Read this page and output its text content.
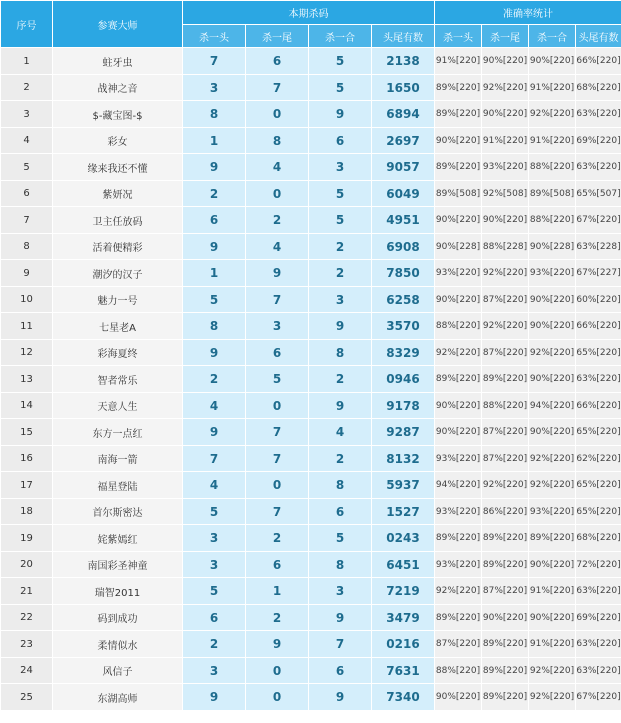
序号	参赛大师	本期杀码				准确率统计			
		杀一头	杀一尾	杀一合	头尾有数	杀一头	杀一尾	杀一合	头尾有数
1	蛀牙虫	7	6	5	2138	91%[220]	90%[220]	90%[220]	66%[220]
2	战神之音	3	7	5	1650	89%[220]	92%[220]	91%[220]	68%[220]
3	$-藏宝图-$	8	0	9	6894	89%[220]	90%[220]	92%[220]	63%[220]
4	彩女	1	8	6	2697	90%[220]	91%[220]	91%[220]	69%[220]
5	缘来我还不懂	9	4	3	9057	89%[220]	93%[220]	88%[220]	63%[220]
6	紫妍况	2	0	5	6049	89%[508]	92%[508]	89%[508]	65%[507]
7	卫主任放码	6	2	5	4951	90%[220]	90%[220]	88%[220]	67%[220]
8	活着便精彩	9	4	2	6908	90%[228]	88%[228]	90%[228]	63%[228]
9	潮汐的汉子	1	9	2	7850	93%[220]	92%[220]	93%[220]	67%[227]
10	魅力一号	5	7	3	6258	90%[220]	87%[220]	90%[220]	60%[220]
11	七星老A	8	3	9	3570	88%[220]	92%[220]	90%[220]	66%[220]
12	彩海夏终	9	6	8	8329	92%[220]	87%[220]	92%[220]	65%[220]
13	智者常乐	2	5	2	0946	89%[220]	89%[220]	90%[220]	63%[220]
14	天意人生	4	0	9	9178	90%[220]	88%[220]	94%[220]	66%[220]
15	东方一点红	9	7	4	9287	90%[220]	87%[220]	90%[220]	65%[220]
16	南海一箭	7	7	2	8132	93%[220]	87%[220]	92%[220]	62%[220]
17	福星登陆	4	0	8	5937	94%[220]	92%[220]	92%[220]	65%[220]
18	首尔斯密达	5	7	6	1527	93%[220]	86%[220]	93%[220]	65%[220]
19	姹紫嫣红	3	2	5	0243	89%[220]	89%[220]	89%[220]	68%[220]
20	南国彩圣神童	3	6	8	6451	93%[220]	89%[220]	90%[220]	72%[220]
21	瑞智2011	5	1	3	7219	92%[220]	87%[220]	91%[220]	63%[220]
22	码到成功	6	2	9	3479	89%[220]	90%[220]	90%[220]	69%[220]
23	柔情似水	2	9	7	0216	87%[220]	89%[220]	91%[220]	63%[220]
24	风信子	3	0	6	7631	88%[220]	89%[220]	92%[220]	63%[220]
25	东湖高师	9	0	9	7340	90%[220]	89%[220]	92%[220]	67%[220]
